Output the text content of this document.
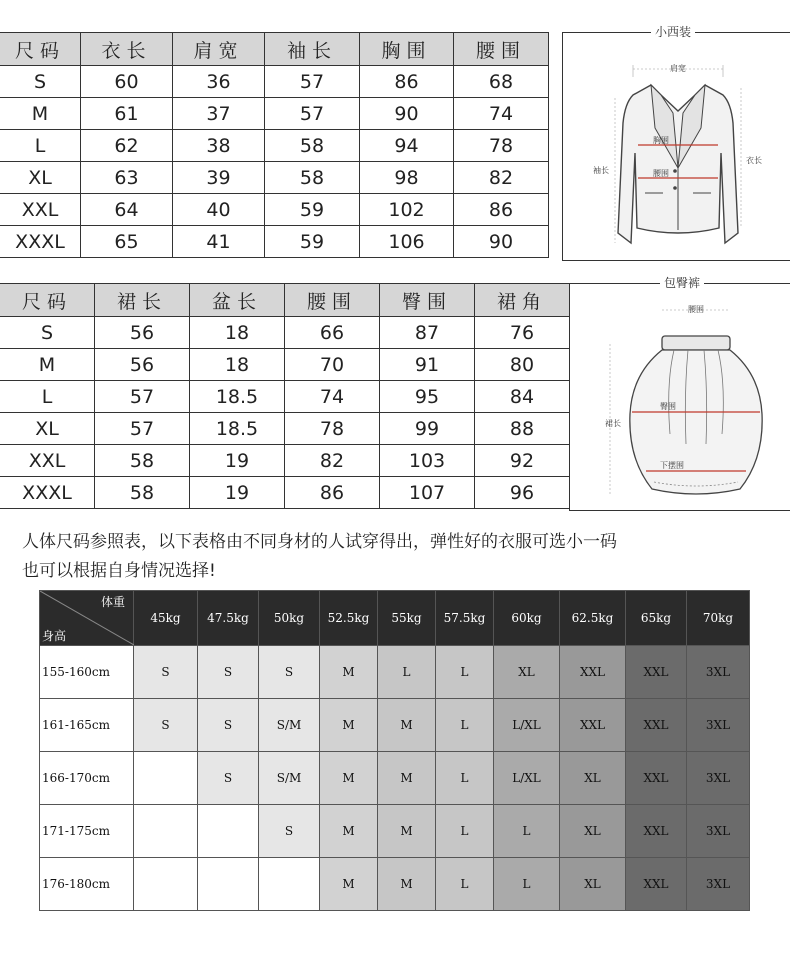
尺码	衣长	肩宽	袖长	胸围	腰围
S	60	36	57	86	68
M	61	37	57	90	74
L	62	38	58	94	78
XL	63	39	58	98	82
XXL	64	40	59	102	86
XXXL	65	41	59	106	90
小西装
肩宽
胸围
腰围
袖长
衣长
尺码	裙长	盆长	腰围	臀围	裙角
S	56	18	66	87	76
M	56	18	70	91	80
L	57	18.5	74	95	84
XL	57	18.5	78	99	88
XXL	58	19	82	103	92
XXXL	58	19	86	107	96
包臀裤
腰围
臀围
裙长
下摆围
人体尺码参照表，以下表格由不同身材的人试穿得出，弹性好的衣服可选小一码
也可以根据自身情况选择!
体重
身高	45kg	47.5kg	50kg	52.5kg	55kg	57.5kg	60kg	62.5kg	65kg	70kg
155-160cm	S	S	S	M	L	L	XL	XXL	XXL	3XL
161-165cm	S	S	S/M	M	M	L	L/XL	XXL	XXL	3XL
166-170cm		S	S/M	M	M	L	L/XL	XL	XXL	3XL
171-175cm			S	M	M	L	L	XL	XXL	3XL
176-180cm				M	M	L	L	XL	XXL	3XL
